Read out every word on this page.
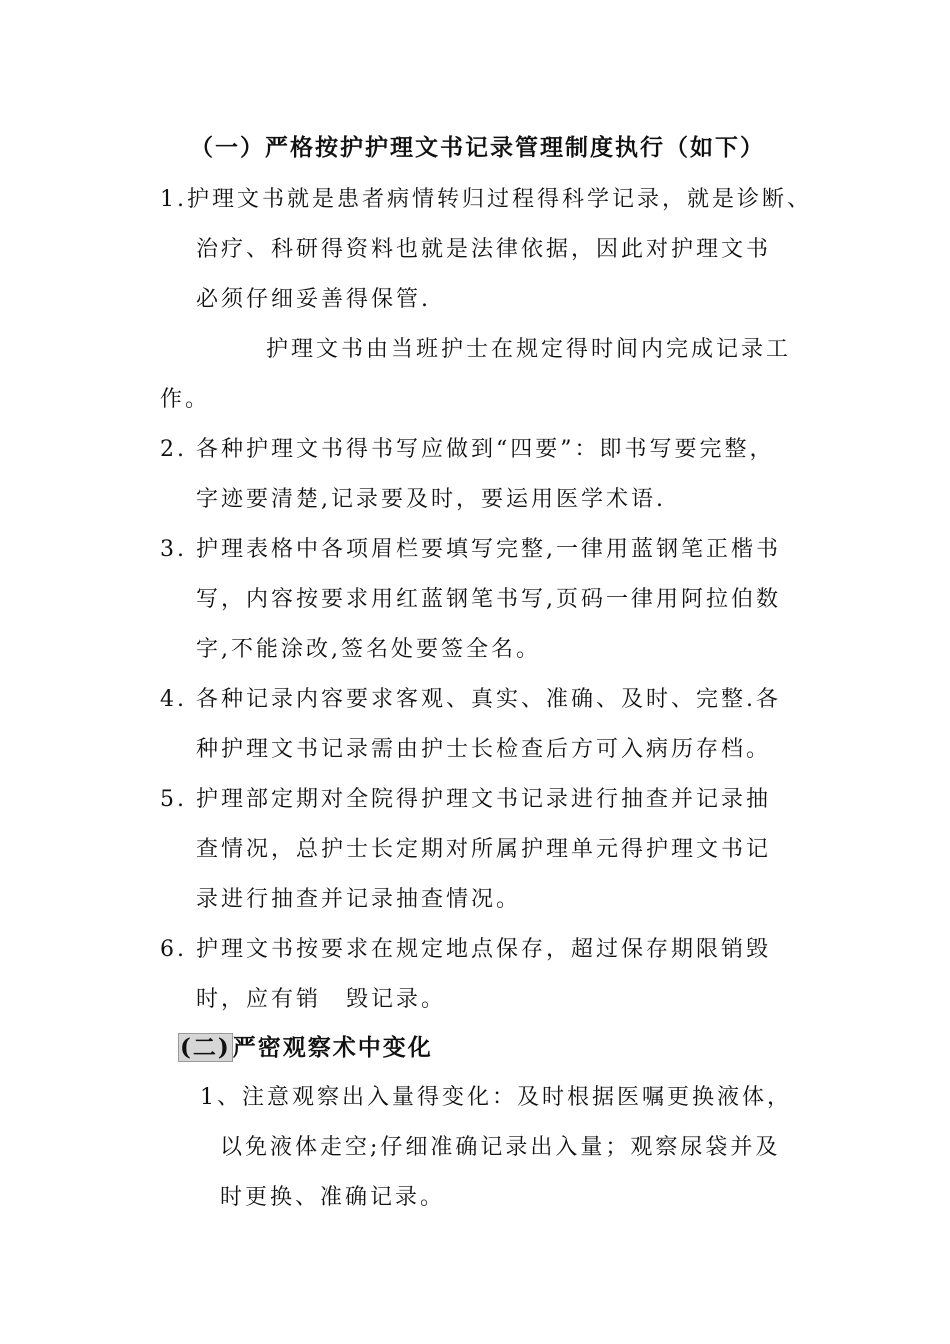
（一）严格按护护理文书记录管理制度执行（如下）
1.护理文书就是患者病情转归过程得科学记录，就是诊断、
治疗、科研得资料也就是法律依据，因此对护理文书
必须仔细妥善得保管.
护理文书由当班护士在规定得时间内完成记录工
作。
2. 各种护理文书得书写应做到“四要”：即书写要完整，
字迹要清楚,记录要及时，要运用医学术语.
3. 护理表格中各项眉栏要填写完整,一律用蓝钢笔正楷书
写，内容按要求用红蓝钢笔书写,页码一律用阿拉伯数
字,不能涂改,签名处要签全名。
4. 各种记录内容要求客观、真实、准确、及时、完整.各
种护理文书记录需由护士长检查后方可入病历存档。
5. 护理部定期对全院得护理文书记录进行抽查并记录抽
查情况，总护士长定期对所属护理单元得护理文书记
录进行抽查并记录抽查情况。
6. 护理文书按要求在规定地点保存，超过保存期限销毁
时，应有销　毁记录。
(二)严密观察术中变化
1、注意观察出入量得变化：及时根据医嘱更换液体，
以免液体走空;仔细准确记录出入量；观察尿袋并及
时更换、准确记录。
